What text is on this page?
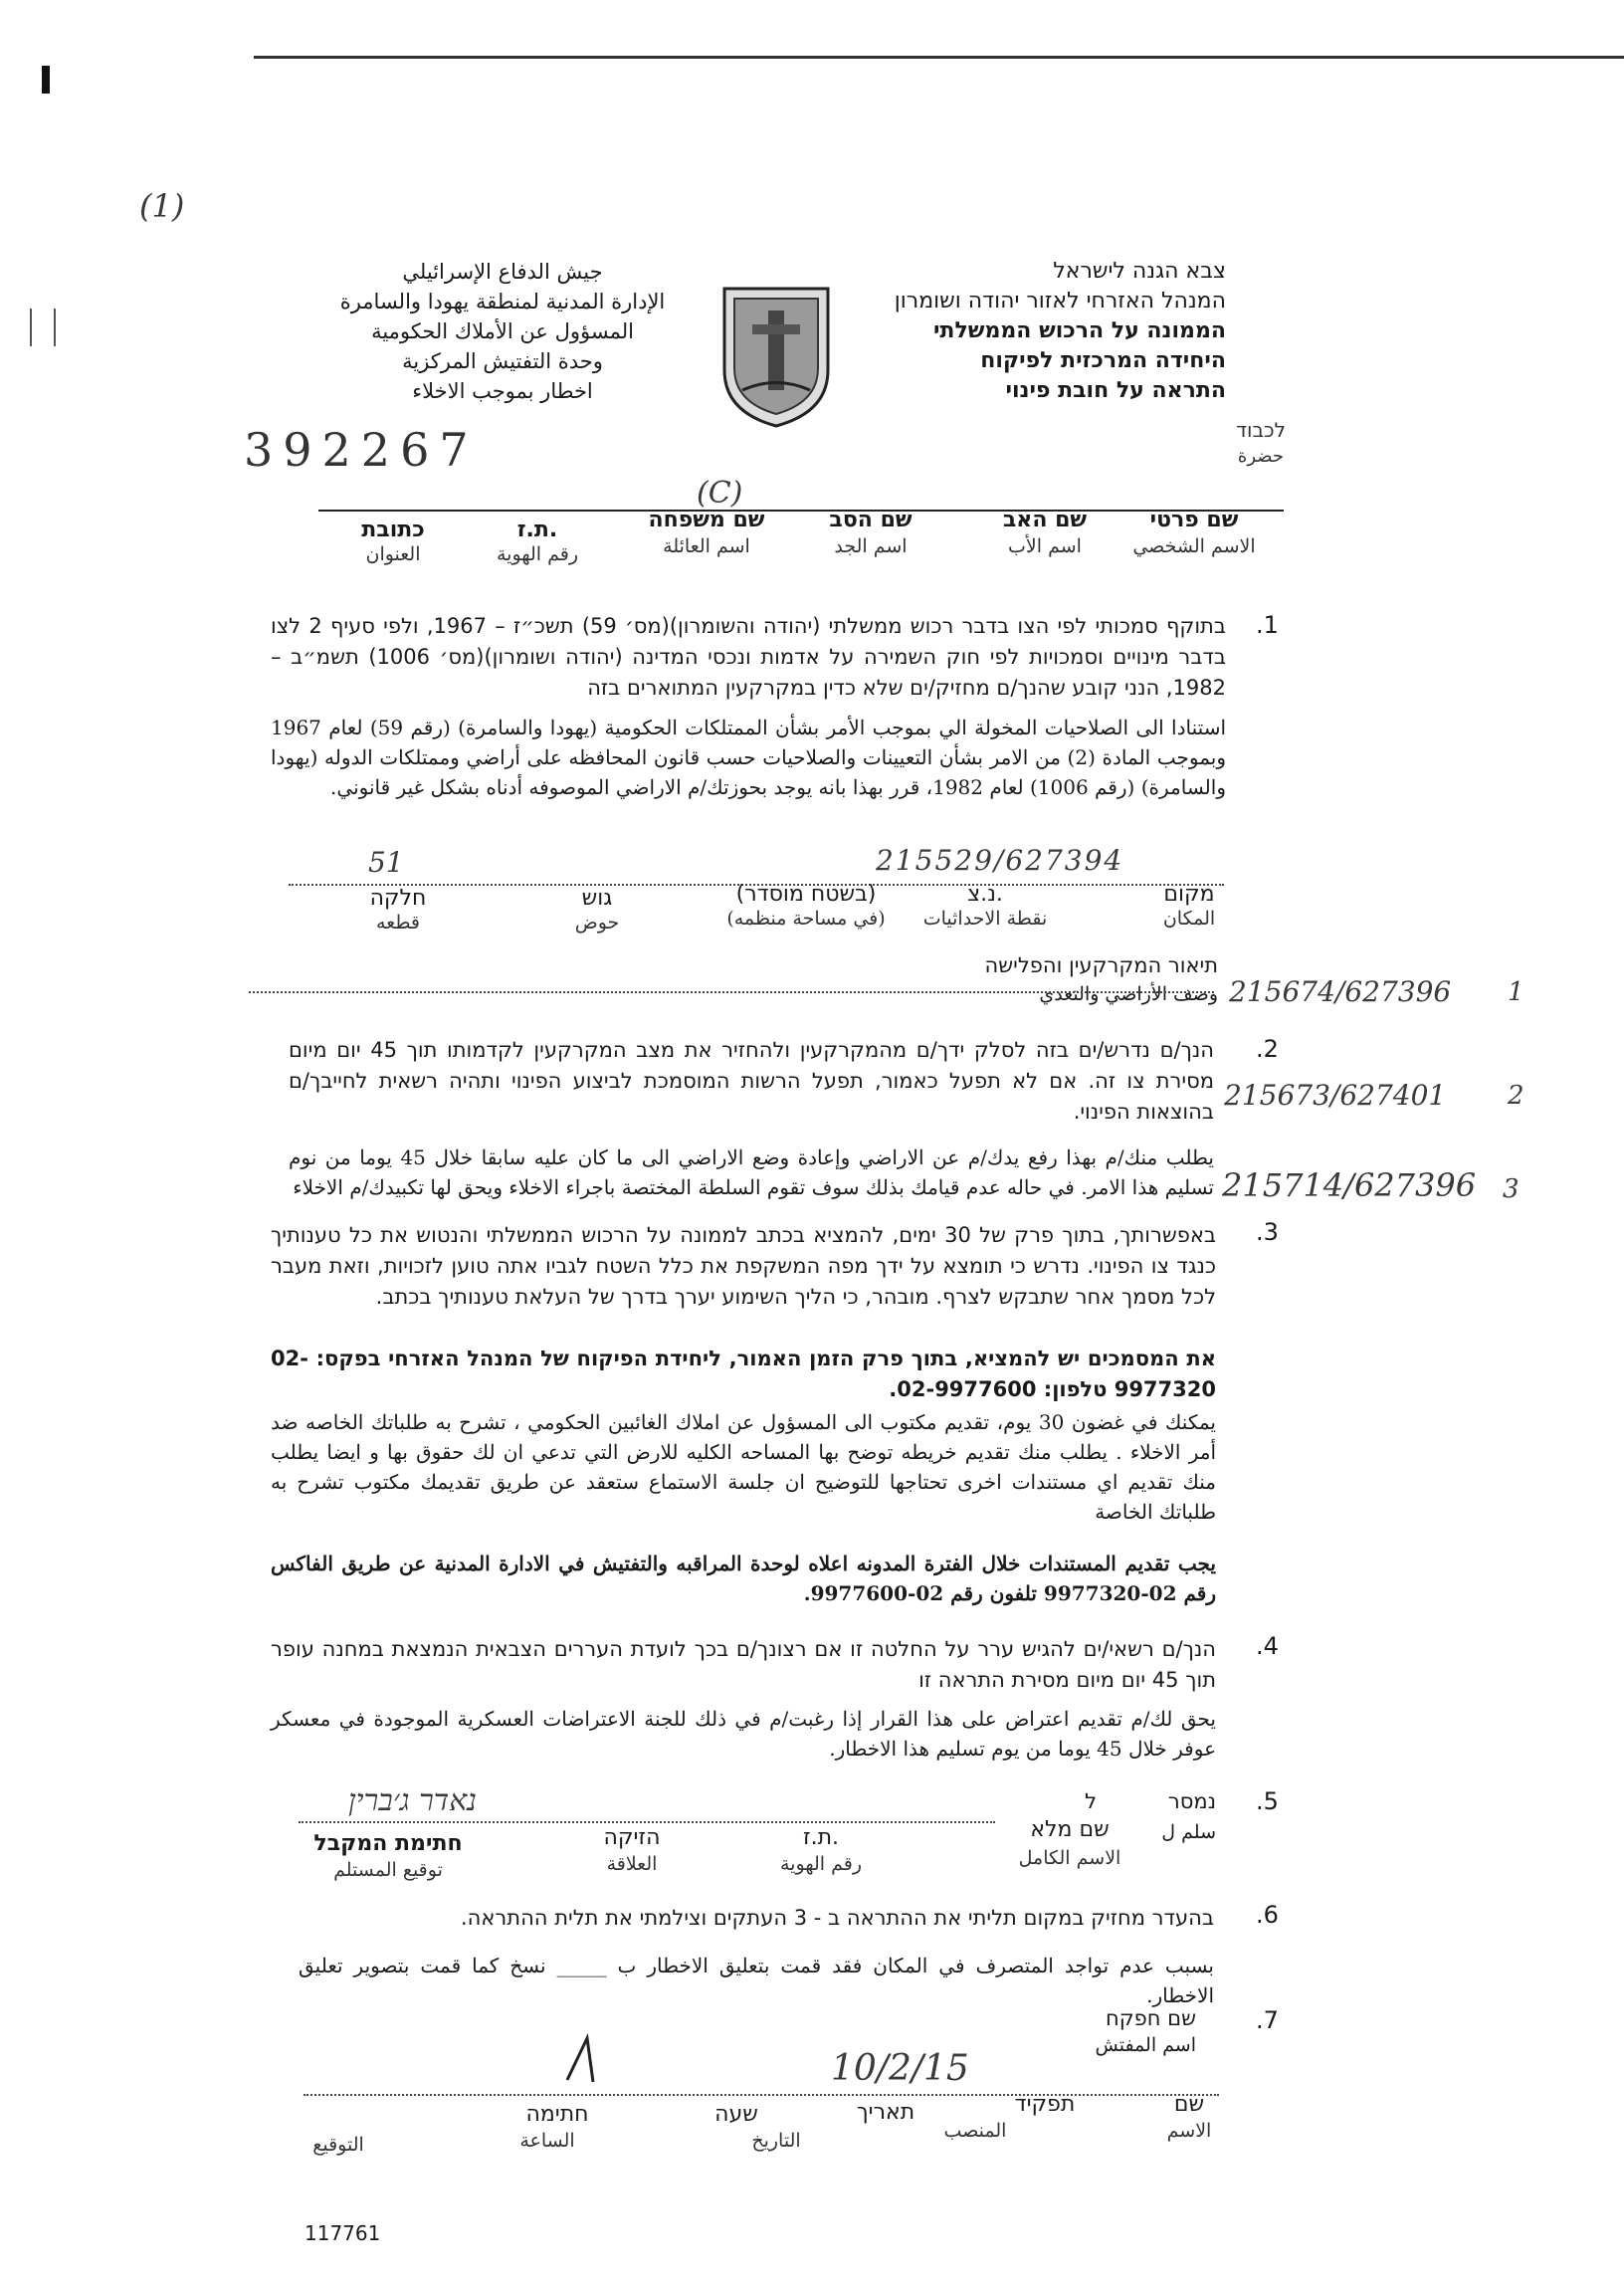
(1)
צבא הגנה לישראל
המנהל האזרחי לאזור יהודה ושומרון
הממונה על הרכוש הממשלתי
היחידה המרכזית לפיקוח
התראה על חובת פינוי
جيش الدفاع الإسرائيلي
الإدارة المدنية لمنطقة يهودا والسامرة
المسؤول عن الأملاك الحكومية
وحدة التفتيش المركزية
اخطار بموجب الاخلاء
392267	לכבוד
حضرة
(C)
שם פרטי
الاسم الشخصي
שם האב
اسم الأب
שם הסב
اسم الجد
שם משפחה
اسم العائلة
ת.ז.
رقم الهوية
כתובת
العنوان
.1
בתוקף סמכותי לפי הצו בדבר רכוש ממשלתי (יהודה והשומרון)(מס׳ 59) תשכ״ז – 1967, ולפי סעיף 2 לצו בדבר מינויים וסמכויות לפי חוק השמירה על אדמות ונכסי המדינה (יהודה ושומרון)(מס׳ 1006) תשמ״ב – 1982, הנני קובע שהנך/ם מחזיק/ים שלא כדין במקרקעין המתוארים בזה
استنادا الى الصلاحيات المخولة الي بموجب الأمر بشأن الممتلكات الحكومية (يهودا والسامرة) (رقم 59) لعام 1967 وبموجب المادة (2) من الامر بشأن التعيينات والصلاحيات حسب قانون المحافظه على أراضي وممتلكات الدوله (يهودا والسامرة) (رقم 1006) لعام 1982، قرر بهذا بانه يوجد بحوزتك/م الاراضي الموصوفه أدناه بشكل غير قانوني.
51	215529/627394
מקום
المكان
נ.צ.
نقطة الاحداثيات
(בשטח מוסדר)
(في مساحة منظمه)
גוש
حوض
חלקה
قطعه
תיאור המקרקעין והפלישה
وصف الأراضي والتعدي 215674/627396 1
215673/627401 2
215714/627396 3
.2
הנך/ם נדרש/ים בזה לסלק ידך/ם מהמקרקעין ולהחזיר את מצב המקרקעין לקדמותו תוך 45 יום מיום מסירת צו זה. אם לא תפעל כאמור, תפעל הרשות המוסמכת לביצוע הפינוי ותהיה רשאית לחייבך/ם בהוצאות הפינוי.
يطلب منك/م بهذا رفع يدك/م عن الاراضي وإعادة وضع الاراضي الى ما كان عليه سابقا خلال 45 يوما من نوم تسليم هذا الامر. في حاله عدم قيامك بذلك سوف تقوم السلطة المختصة باجراء الاخلاء ويحق لها تكبيدك/م الاخلاء
.3
באפשרותך, בתוך פרק של 30 ימים, להמציא בכתב לממונה על הרכוש הממשלתי והנטוש את כל טענותיך כנגד צו הפינוי. נדרש כי תומצא על ידך מפה המשקפת את כלל השטח לגביו אתה טוען לזכויות, וזאת מעבר לכל מסמך אחר שתבקש לצרף. מובהר, כי הליך השימוע יערך בדרך של העלאת טענותיך בכתב.
את המסמכים יש להמציא, בתוך פרק הזמן האמור, ליחידת הפיקוח של המנהל האזרחי בפקס: 02-9977320 טלפון: 02-9977600.
يمكنك في غضون 30 يوم، تقديم مكتوب الى المسؤول عن املاك الغائبين الحكومي ، تشرح به طلباتك الخاصه ضد أمر الاخلاء . يطلب منك تقديم خريطه توضح بها المساحه الكليه للارض التي تدعي ان لك حقوق بها و ايضا يطلب منك تقديم اي مستندات اخرى تحتاجها للتوضيح ان جلسة الاستماع ستعقد عن طريق تقديمك مكتوب تشرح به طلباتك الخاصة
يجب تقديم المستندات خلال الفترة المدونه اعلاه لوحدة المراقبه والتفتيش في الادارة المدنية عن طريق الفاكس رقم 02-9977320 تلفون رقم 02-9977600.
.4
הנך/ם רשאי/ים להגיש ערר על החלטה זו אם רצונך/ם בכך לועדת העררים הצבאית הנמצאת במחנה עופר תוך 45 יום מיום מסירת התראה זו
يحق لك/م تقديم اعتراض على هذا القرار إذا رغبت/م في ذلك للجنة الاعتراضات العسكرية الموجودة في معسكر عوفر خلال 45 يوما من يوم تسليم هذا الاخطار.
.5
נמסר
سلم ل
ל
נאדר ג׳ברין
שם מלא
الاسم الكامل
ת.ז.
رقم الهوية
הזיקה
العلاقة
חתימת המקבל
توقيع المستلم
.6
בהעדר מחזיק במקום תליתי את ההתראה ב - 3 העתקים וצילמתי את תלית ההתראה.
بسبب عدم تواجد المتصرف في المكان فقد قمت بتعليق الاخطار ب _____ نسخ كما قمت بتصوير تعليق الاخطار.
.7
שם חפקח
اسم المفتش
10/2/15
שם
الاسم
תפקיד
المنصب
תאריך
التاريخ
שעה
الساعة
חתימה
التوقيع
117761
